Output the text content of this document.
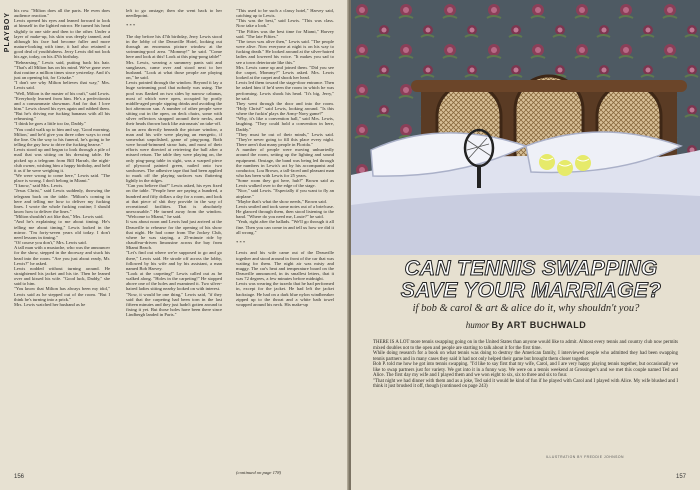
PLAYBOY
his row. "Milton does all the parts. He even does audience reaction."
Lewis opened his eyes and leaned forward to look at himself in the lighted mirror. He turned his head slightly to one side and then to the other. Under a layer of make-up, his skin was deeply tanned, and although his face had become fuller and more mature-looking with time, it had also retained a good deal of youthfulness. Jerry Lewis did not look his age, today, on his 47th birthday.
"Rehearsing," Lewis said, putting back his hair. "That's all Milton has on his mind. We've gone over that routine a million times since yesterday. And it's just an opening bit, for Crisake."
"I don't see why Milton believes that way," Mrs. Lewis said.
"Well, Milton is the master of his craft," said Lewis. "Everybody learned from him. He's a perfectionist and a consummate showman. And for that I love him." Lewis closed his eyes again and rubbed them. "But he's driving me fucking bananas with all his rehearsing."
"I think he goes a little too far, Daddy."
"You could walk up to him and say, 'Good morning, Milton,' and he'd give you three other ways to read the line. On the way to his funeral, he's going to be telling the guy how to drive the fucking hearse."
Lewis stood up and began to look through a pile of mail that was sitting on his dressing table. He picked up a telegram from Bill Harrah, the night-club owner, wishing him a happy birthday, and held it as if he were weighing it.
"We were wrong to come here," Lewis said. "The place is wrong. I don't belong in Miami."
"I know," said Mrs. Lewis.
"Jesus Christ," said Lewis suddenly, throwing the telegram back on the table. "Milton's coming in here and telling me how to deliver my fucking lines. I wrote the whole fucking routine; I should know how to deliver the lines."
"Milton shouldn't act like that," Mrs. Lewis said.
"And he's explaining to me about timing. He's telling me about timing," Lewis looked in the mirror. "I'm forty-seven years old today. I don't need lessons in timing."
"Of course you don't," Mrs. Lewis said.
A tall man with a mustache, who was the announcer for the show, stepped in the doorway and stuck his head into the room. "Are you just about ready, Mr. Lewis?" he asked.
Lewis nodded without turning around. He straightened his jacket and his tie. Then he leaned over and kissed his wife. "Good luck, Daddy," she said to him.
"You know that Milton has always been my idol," Lewis said as he stepped out of the room. "But I think he's turning into a prick."
Mrs. Lewis watched her husband as he
left to go onstage; then she went back to her needlepoint.

* * *

The day before his 47th birthday, Jerry Lewis stood in the lobby of the Deauville Hotel, looking out through an enormous picture window at the swimming-pool area. "Mommy!" he said. "Come here and look at this! Look at this ping-pong table!"
Mrs. Lewis, wearing a summery pants suit and sunglasses, came over and stood next to her husband. "Look at what those people are playing on," he said.
Lewis pointed through the window. Beyond it lay a huge swimming pool that nobody was using. The pool was flanked on two sides by narrow cabanas, most of which were open, occupied by portly middle-aged people sipping drinks and avoiding the hot afternoon sun. A number of other people were sitting out in the open, on deck chairs, some with silver reflectors strapped around their necks, and their heads thrown back like astronauts' on take-off.
In an area directly beneath the picture window, a man and his wife were playing an energetic, if somewhat unpolished, game of ping-pong. Both were broad-brimmed straw hats, and most of their efforts were directed at retrieving the ball after a missed return. The table they were playing on, the only ping-pong table in sight, was a warped piece of plywood painted green, nailed onto two sawhorses. The adhesive tape that had been applied to mark off the playing surfaces was fluttering lightly in the ridges.
"Can you believe that?" Lewis asked, his eyes fixed on the table. "People here are paying a hundred, a hundred and fifty dollars a day for a room, and look at that piece of shit they provide in the way of recreational facilities. That is absolutely unexcusable." He turned away from the window. "Welcome to Miami," he said.
It was about noon and Lewis had just arrived at the Deauville to rehearse for the opening of his show that night. He had come from The Jockey Club, where he was staying, a 25-minute ride by chauffeur-driven limousine across the bay from Miami Beach.
"Let's find out where we're supposed to go and go there," Lewis said. He strode off across the lobby, followed by his wife and by his assistant, a man named Bob Harvey.
"Look at the carpeting!" Lewis called out as he walked along. "Holes in the carpeting!" He stopped above one of the holes and examined it. Two silver-haired ladies sitting nearby looked on with interest.
"Now, it would be one thing," Lewis said, "if they said that the carpeting had been torn in the last fifteen minutes and they just hadn't gotten around to fixing it yet. But those holes have been there since Lindbergh landed in Paris."
"This used to be such a classy hotel," Harvey said, catching up to Lewis.
"This was the best," said Lewis. "This was class. Now take a look."
"The Fifties was the best time for Miami," Harvey said. "The late Fifties."
"The town was alive then," Lewis said. "The people were alive. Now everyone at night is on his way to fucking death." He looked around at the silver-haired ladies and lowered his voice. "It makes you sad to see a town deteriorate like this."
Mrs. Lewis came up and joined them. "Did you see the carpet, Mommy?" Lewis asked. Mrs. Lewis looked at the carpet and shook her head.
Lewis led them toward the stage-door entrance. Then he asked him if he'd seen the room in which he was performing. Lewis shook his head. "It's big, Jerry," he said.
They went through the door and into the room. "Holy Christ!" said Lewis, looking around. "Is this where the fuckin' plays the Army-Navy game?"
"Why, it's like a convention hall," said Mrs. Lewis, laughing. "They could hold a convention in here, Daddy."
"They must be out of their minds," Lewis said. "They're never going to fill this place every night. There aren't that many people in Florida."
A number of people were moving unhurriedly around the room, setting up the lighting and sound equipment. Onstage, the band was being led through the numbers in Lewis's act by his accompanist and conductor, Lou Brown, a tall-faced and pleasant man who has been with Lewis for 25 years.
"Some room they got here, huh?" Brown said as Lewis walked over to the edge of the stage.
"Nice," said Lewis. "Especially if you want to fly an airplane."
"Maybe that's what the show needs," Brown said.
Lewis smiled and took some notes out of a briefcase. He glanced through them, then stood listening to the band. "Where do you need me, Louie?" he said.
"Yeah, right after the ballads. "We'll go through it all fine. Then you can come in and tell us how we did it all wrong."

* * *

Lewis and his wife came out of the Deauville together and stood around in front of the car that was waiting for them. The night air was misty and muggy. The car's heat and temperature board on the Deauville announced, in its smallest letters, that it was 72 degrees, a few minutes before midnight.
Lewis was wearing the tuxedo that he had performed in, except for the jacket. He had left the jacket backstage. He had on a dark blue nylon windbreaker zipped up to the throat and a white bath towel wrapped around his neck. His make-up
(continued on page 178)
156
CAN TENNIS SWAPPING
SAVE YOUR MARRIAGE?
if bob & carol & art & alice do it, why shouldn't you?
humor By ART BUCHWALD
THERE IS A LOT more tennis swapping going on in the United States than anyone would like to admit. Almost every tennis and country club now permits mixed doubles not to the open and people are starting to talk about it for the first time.
While doing research for a book on what tennis was doing to destroy the American family, I interviewed people who admitted they had been swapping tennis partners and in many cases they said it had not only helped their game but brought them closer together.
Bob P. told me how he got into tennis swapping. "I'd like to say first that my wife, Carol, and I are very happy playing tennis together, but occasionally we like to swap partners just for variety. We got into it in a funny way. We were on a tennis weekend at Grossinger's and we met this couple named Ted and Alice. The first day my wife and I played them and we won eight to six, six to three and six to four.
"That night we had dinner with them and as a joke, Ted said it would be kind of fun if he played with Carol and I played with Alice. My wife blushed and I think it just brushed it off, though (continued on page 243)
ILLUSTRATION BY FREDDIE JOHNSON
157
